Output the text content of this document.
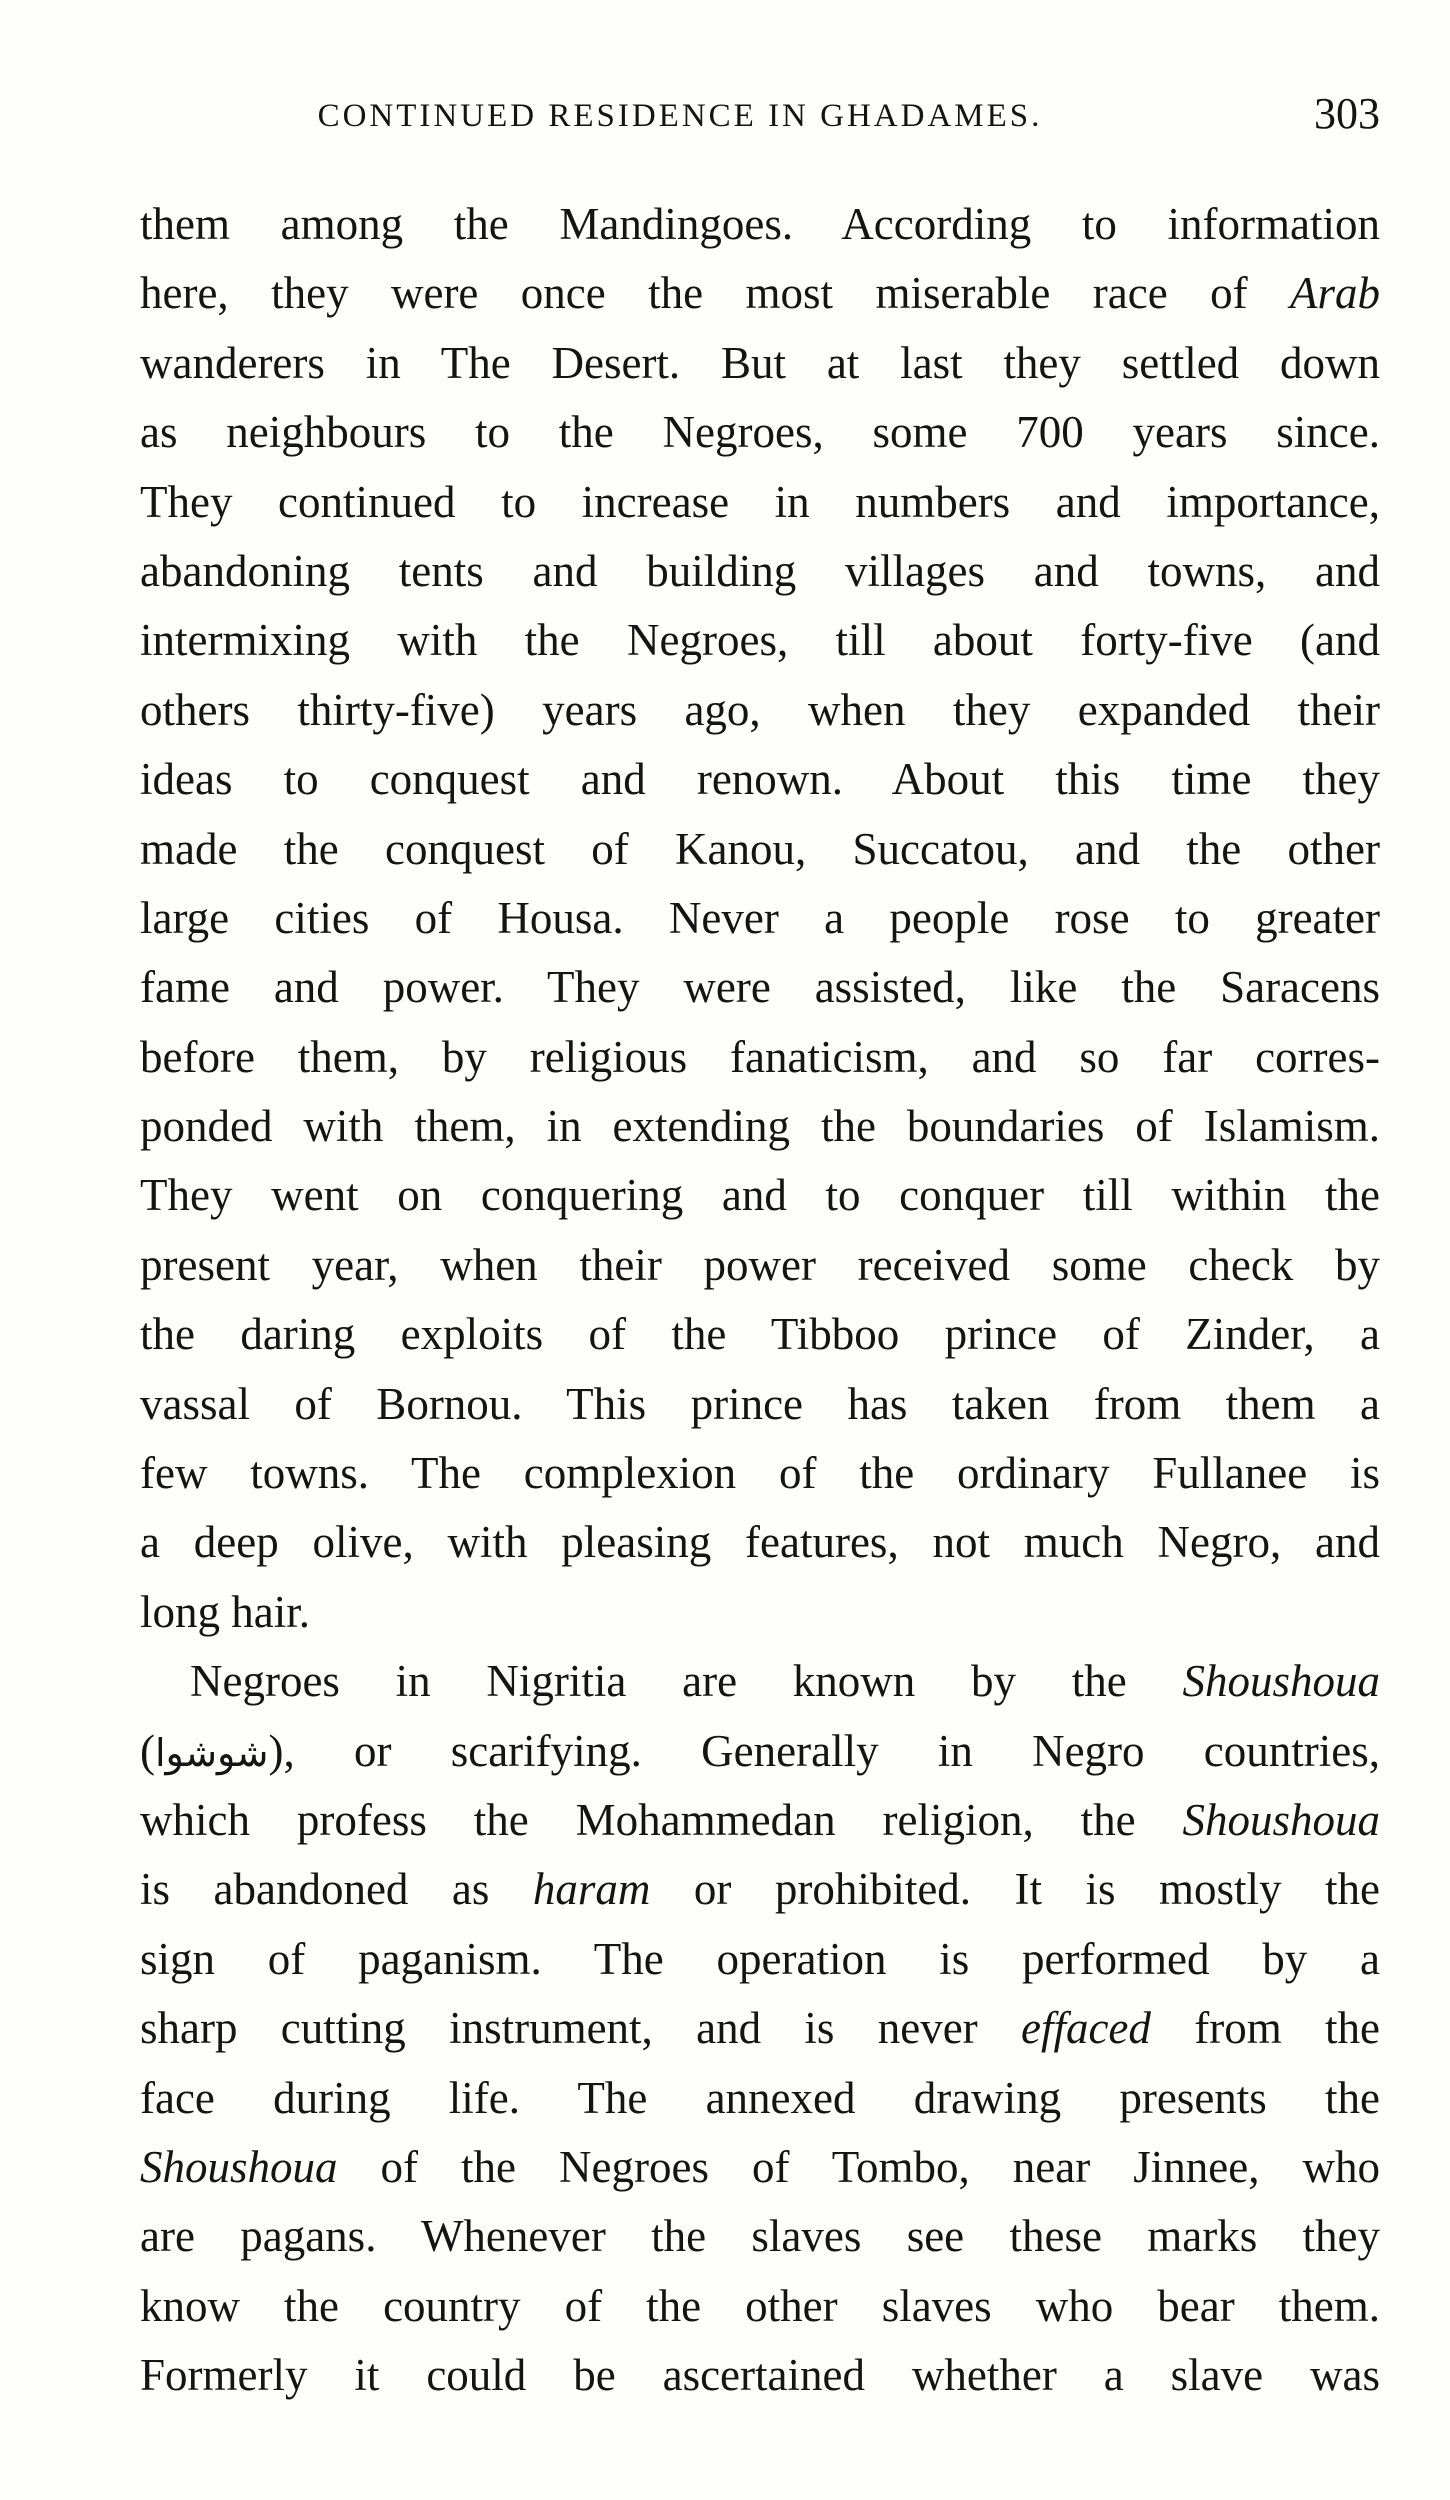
CONTINUED RESIDENCE IN GHADAMES.	303
them among the Mandingoes. According to information
here, they were once the most miserable race of Arab
wanderers in The Desert. But at last they settled down
as neighbours to the Negroes, some 700 years since.
They continued to increase in numbers and importance,
abandoning tents and building villages and towns, and
intermixing with the Negroes, till about forty-five (and
others thirty-five) years ago, when they expanded their
ideas to conquest and renown. About this time they
made the conquest of Kanou, Succatou, and the other
large cities of Housa. Never a people rose to greater
fame and power. They were assisted, like the Saracens
before them, by religious fanaticism, and so far corres-
ponded with them, in extending the boundaries of Islamism.
They went on conquering and to conquer till within the
present year, when their power received some check by
the daring exploits of the Tibboo prince of Zinder, a
vassal of Bornou. This prince has taken from them a
few towns. The complexion of the ordinary Fullanee is
a deep olive, with pleasing features, not much Negro, and
long hair.
Negroes in Nigritia are known by the Shoushoua
(شوشوا), or scarifying. Generally in Negro countries,
which profess the Mohammedan religion, the Shoushoua
is abandoned as haram or prohibited. It is mostly the
sign of paganism. The operation is performed by a
sharp cutting instrument, and is never effaced from the
face during life. The annexed drawing presents the
Shoushoua of the Negroes of Tombo, near Jinnee, who
are pagans. Whenever the slaves see these marks they
know the country of the other slaves who bear them.
Formerly it could be ascertained whether a slave was
